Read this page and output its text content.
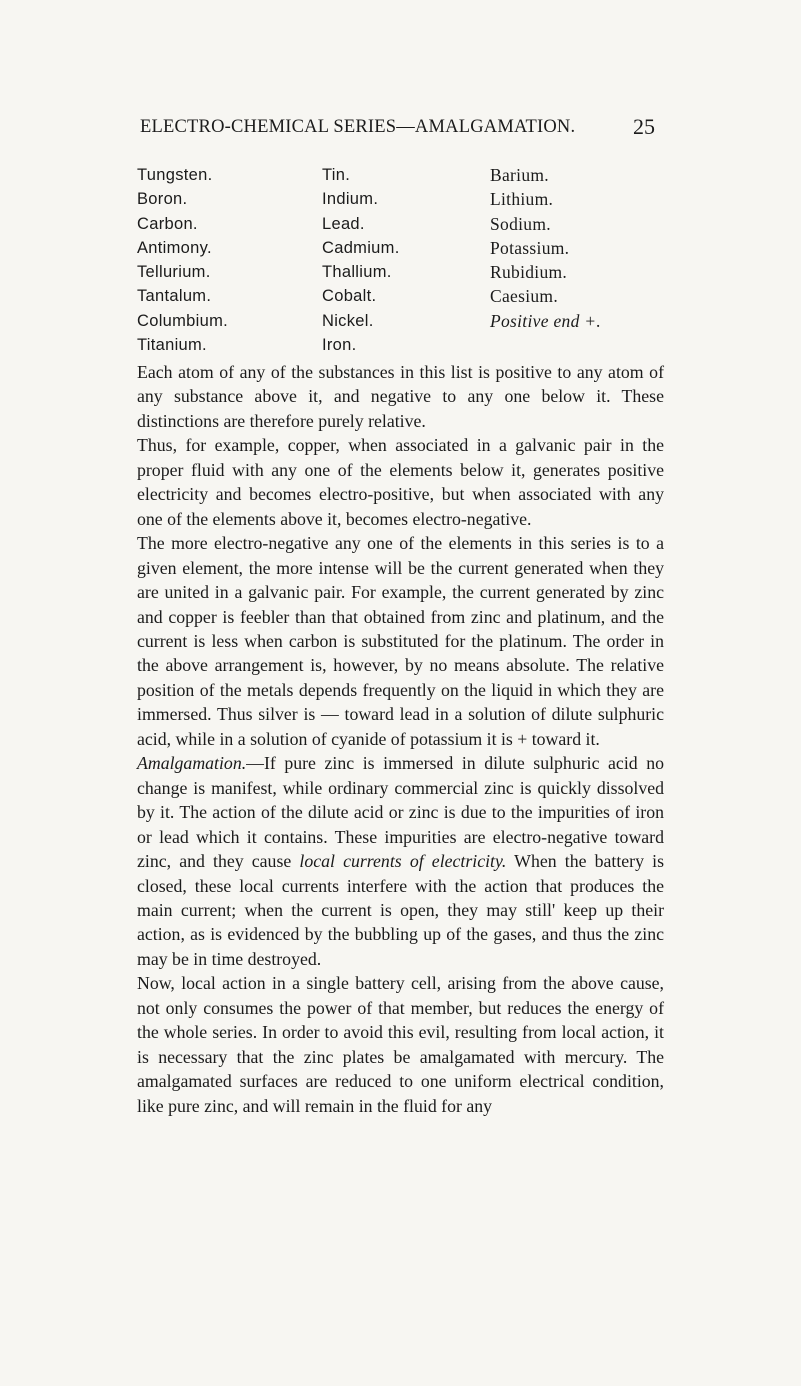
ELECTRO-CHEMICAL SERIES—AMALGAMATION.	25
Tungsten.
Boron.
Carbon.
Antimony.
Tellurium.
Tantalum.
Columbium.
Titanium.
Tin.
Indium.
Lead.
Cadmium.
Thallium.
Cobalt.
Nickel.
Iron.
Barium.
Lithium.
Sodium.
Potassium.
Rubidium.
Caesium.
Positive end +.

Each atom of any of the substances in this list is positive to any atom of any substance above it, and negative to any one below it. These distinctions are therefore purely relative.

Thus, for example, copper, when associated in a galvanic pair in the proper fluid with any one of the elements below it, generates positive electricity and becomes electro-positive, but when associated with any one of the elements above it, becomes electro-negative.

The more electro-negative any one of the elements in this series is to a given element, the more intense will be the current generated when they are united in a galvanic pair. For example, the current generated by zinc and copper is feebler than that obtained from zinc and platinum, and the current is less when carbon is substituted for the platinum. The order in the above arrangement is, however, by no means absolute. The relative position of the metals depends frequently on the liquid in which they are immersed. Thus silver is — toward lead in a solution of dilute sulphuric acid, while in a solution of cyanide of potassium it is + toward it.

Amalgamation.—If pure zinc is immersed in dilute sulphuric acid no change is manifest, while ordinary commercial zinc is quickly dissolved by it. The action of the dilute acid or zinc is due to the impurities of iron or lead which it contains. These impurities are electro-negative toward zinc, and they cause local currents of electricity. When the battery is closed, these local currents interfere with the action that produces the main current; when the current is open, they may still' keep up their action, as is evidenced by the bubbling up of the gases, and thus the zinc may be in time destroyed.

Now, local action in a single battery cell, arising from the above cause, not only consumes the power of that member, but reduces the energy of the whole series. In order to avoid this evil, resulting from local action, it is necessary that the zinc plates be amalgamated with mercury. The amalgamated surfaces are reduced to one uniform electrical condition, like pure zinc, and will remain in the fluid for any
